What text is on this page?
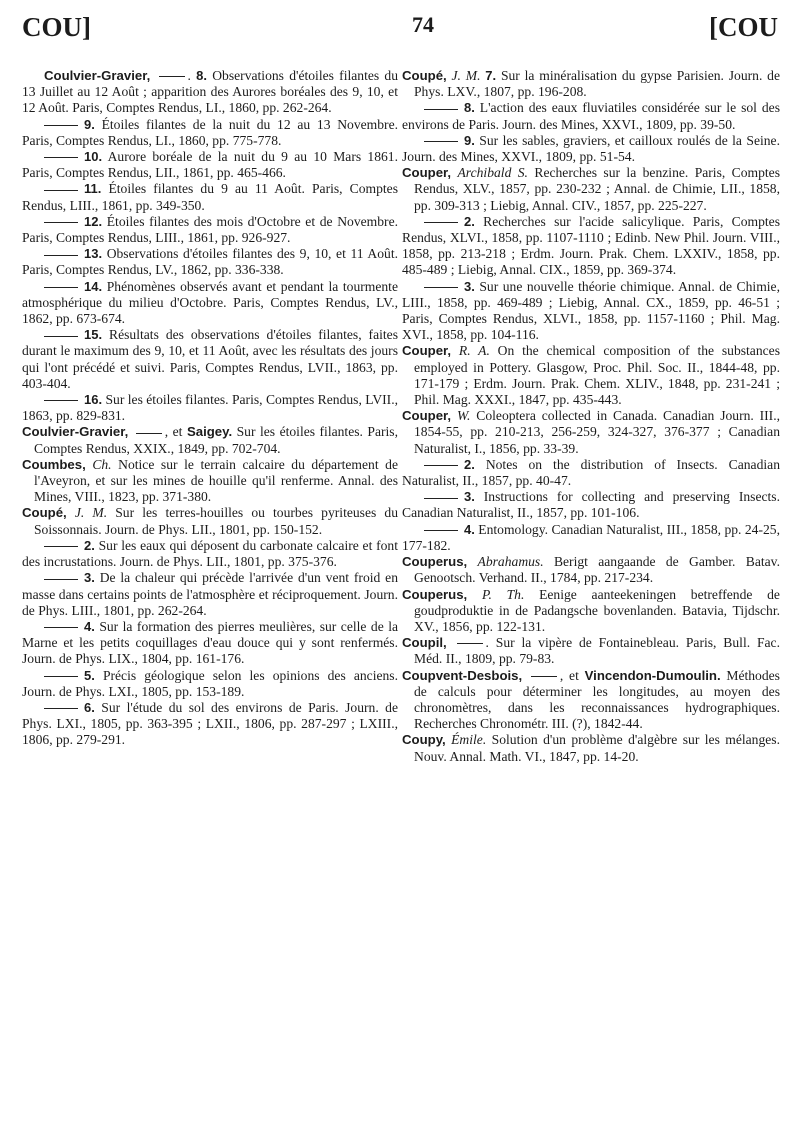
COU]	74	[COU

Coulvier-Gravier,	. 8. Observations d'étoiles filantes du 13 Juillet au 12 Août ; apparition des Aurores boréales des 9, 10, et 12 Août. Paris, Comptes Rendus, LI., 1860, pp. 262-264.

9. Étoiles filantes de la nuit du 12 au 13 Novembre. Paris, Comptes Rendus, LI., 1860, pp. 775-778.

10. Aurore boréale de la nuit du 9 au 10 Mars 1861. Paris, Comptes Rendus, LII., 1861, pp. 465-466.

11. Étoiles filantes du 9 au 11 Août. Paris, Comptes Rendus, LIII., 1861, pp. 349-350.

12. Étoiles filantes des mois d'Octobre et de Novembre. Paris, Comptes Rendus, LIII., 1861, pp. 926-927.

13. Observations d'étoiles filantes des 9, 10, et 11 Août. Paris, Comptes Rendus, LV., 1862, pp. 336-338.

14. Phénomènes observés avant et pendant la tourmente atmosphérique du milieu d'Octobre. Paris, Comptes Rendus, LV., 1862, pp. 673-674.

15. Résultats des observations d'étoiles filantes, faites durant le maximum des 9, 10, et 11 Août, avec les résultats des jours qui l'ont précédé et suivi. Paris, Comptes Rendus, LVII., 1863, pp. 403-404.

16. Sur les étoiles filantes. Paris, Comptes Rendus, LVII., 1863, pp. 829-831.

Coulvier-Gravier,	, et Saigey. Sur les étoiles filantes. Paris, Comptes Rendus, XXIX., 1849, pp. 702-704.

Coumbes, Ch. Notice sur le terrain calcaire du département de l'Aveyron, et sur les mines de houille qu'il renferme. Annal. des Mines, VIII., 1823, pp. 371-380.

Coupé, J. M. Sur les terres-houilles ou tourbes pyriteuses du Soissonnais. Journ. de Phys. LII., 1801, pp. 150-152.

2. Sur les eaux qui déposent du carbonate calcaire et font des incrustations. Journ. de Phys. LII., 1801, pp. 375-376.

3. De la chaleur qui précède l'arrivée d'un vent froid en masse dans certains points de l'atmosphère et réciproquement. Journ. de Phys. LIII., 1801, pp. 262-264.

4. Sur la formation des pierres meulières, sur celle de la Marne et les petits coquillages d'eau douce qui y sont renfermés. Journ. de Phys. LIX., 1804, pp. 161-176.

5. Précis géologique selon les opinions des anciens. Journ. de Phys. LXI., 1805, pp. 153-189.

6. Sur l'étude du sol des environs de Paris. Journ. de Phys. LXI., 1805, pp. 363-395 ; LXII., 1806, pp. 287-297 ; LXIII., 1806, pp. 279-291.

Coupé, J. M. 7. Sur la minéralisation du gypse Parisien. Journ. de Phys. LXV., 1807, pp. 196-208.

8. L'action des eaux fluviatiles considérée sur le sol des environs de Paris. Journ. des Mines, XXVI., 1809, pp. 39-50.

9. Sur les sables, graviers, et cailloux roulés de la Seine. Journ. des Mines, XXVI., 1809, pp. 51-54.

Couper, Archibald S. Recherches sur la benzine. Paris, Comptes Rendus, XLV., 1857, pp. 230-232 ; Annal. de Chimie, LII., 1858, pp. 309-313 ; Liebig, Annal. CIV., 1857, pp. 225-227.

2. Recherches sur l'acide salicylique. Paris, Comptes Rendus, XLVI., 1858, pp. 1107-1110 ; Edinb. New Phil. Journ. VIII., 1858, pp. 213-218 ; Erdm. Journ. Prak. Chem. LXXIV., 1858, pp. 485-489 ; Liebig, Annal. CIX., 1859, pp. 369-374.

3. Sur une nouvelle théorie chimique. Annal. de Chimie, LIII., 1858, pp. 469-489 ; Liebig, Annal. CX., 1859, pp. 46-51 ; Paris, Comptes Rendus, XLVI., 1858, pp. 1157-1160 ; Phil. Mag. XVI., 1858, pp. 104-116.

Couper, R. A. On the chemical composition of the substances employed in Pottery. Glasgow, Proc. Phil. Soc. II., 1844-48, pp. 171-179 ; Erdm. Journ. Prak. Chem. XLIV., 1848, pp. 231-241 ; Phil. Mag. XXXI., 1847, pp. 435-443.

Couper, W. Coleoptera collected in Canada. Canadian Journ. III., 1854-55, pp. 210-213, 256-259, 324-327, 376-377 ; Canadian Naturalist, I., 1856, pp. 33-39.

2. Notes on the distribution of Insects. Canadian Naturalist, II., 1857, pp. 40-47.

3. Instructions for collecting and preserving Insects. Canadian Naturalist, II., 1857, pp. 101-106.

4. Entomology. Canadian Naturalist, III., 1858, pp. 24-25, 177-182.

Couperus, Abrahamus. Berigt aangaande de Gamber. Batav. Genootsch. Verhand. II., 1784, pp. 217-234.

Couperus, P. Th. Eenige aanteekeningen betreffende de goudproduktie in de Padangsche bovenlanden. Batavia, Tijdschr. XV., 1856, pp. 122-131.

Coupil,	. Sur la vipère de Fontainebleau. Paris, Bull. Fac. Méd. II., 1809, pp. 79-83.

Coupvent-Desbois,	, et Vincendon-Dumoulin. Méthodes de calculs pour déterminer les longitudes, au moyen des chronomètres, dans les reconnaissances hydrographiques. Recherches Chronométr. III. (?), 1842-44.

Coupy, Émile. Solution d'un problème d'algèbre sur les mélanges. Nouv. Annal. Math. VI., 1847, pp. 14-20.
